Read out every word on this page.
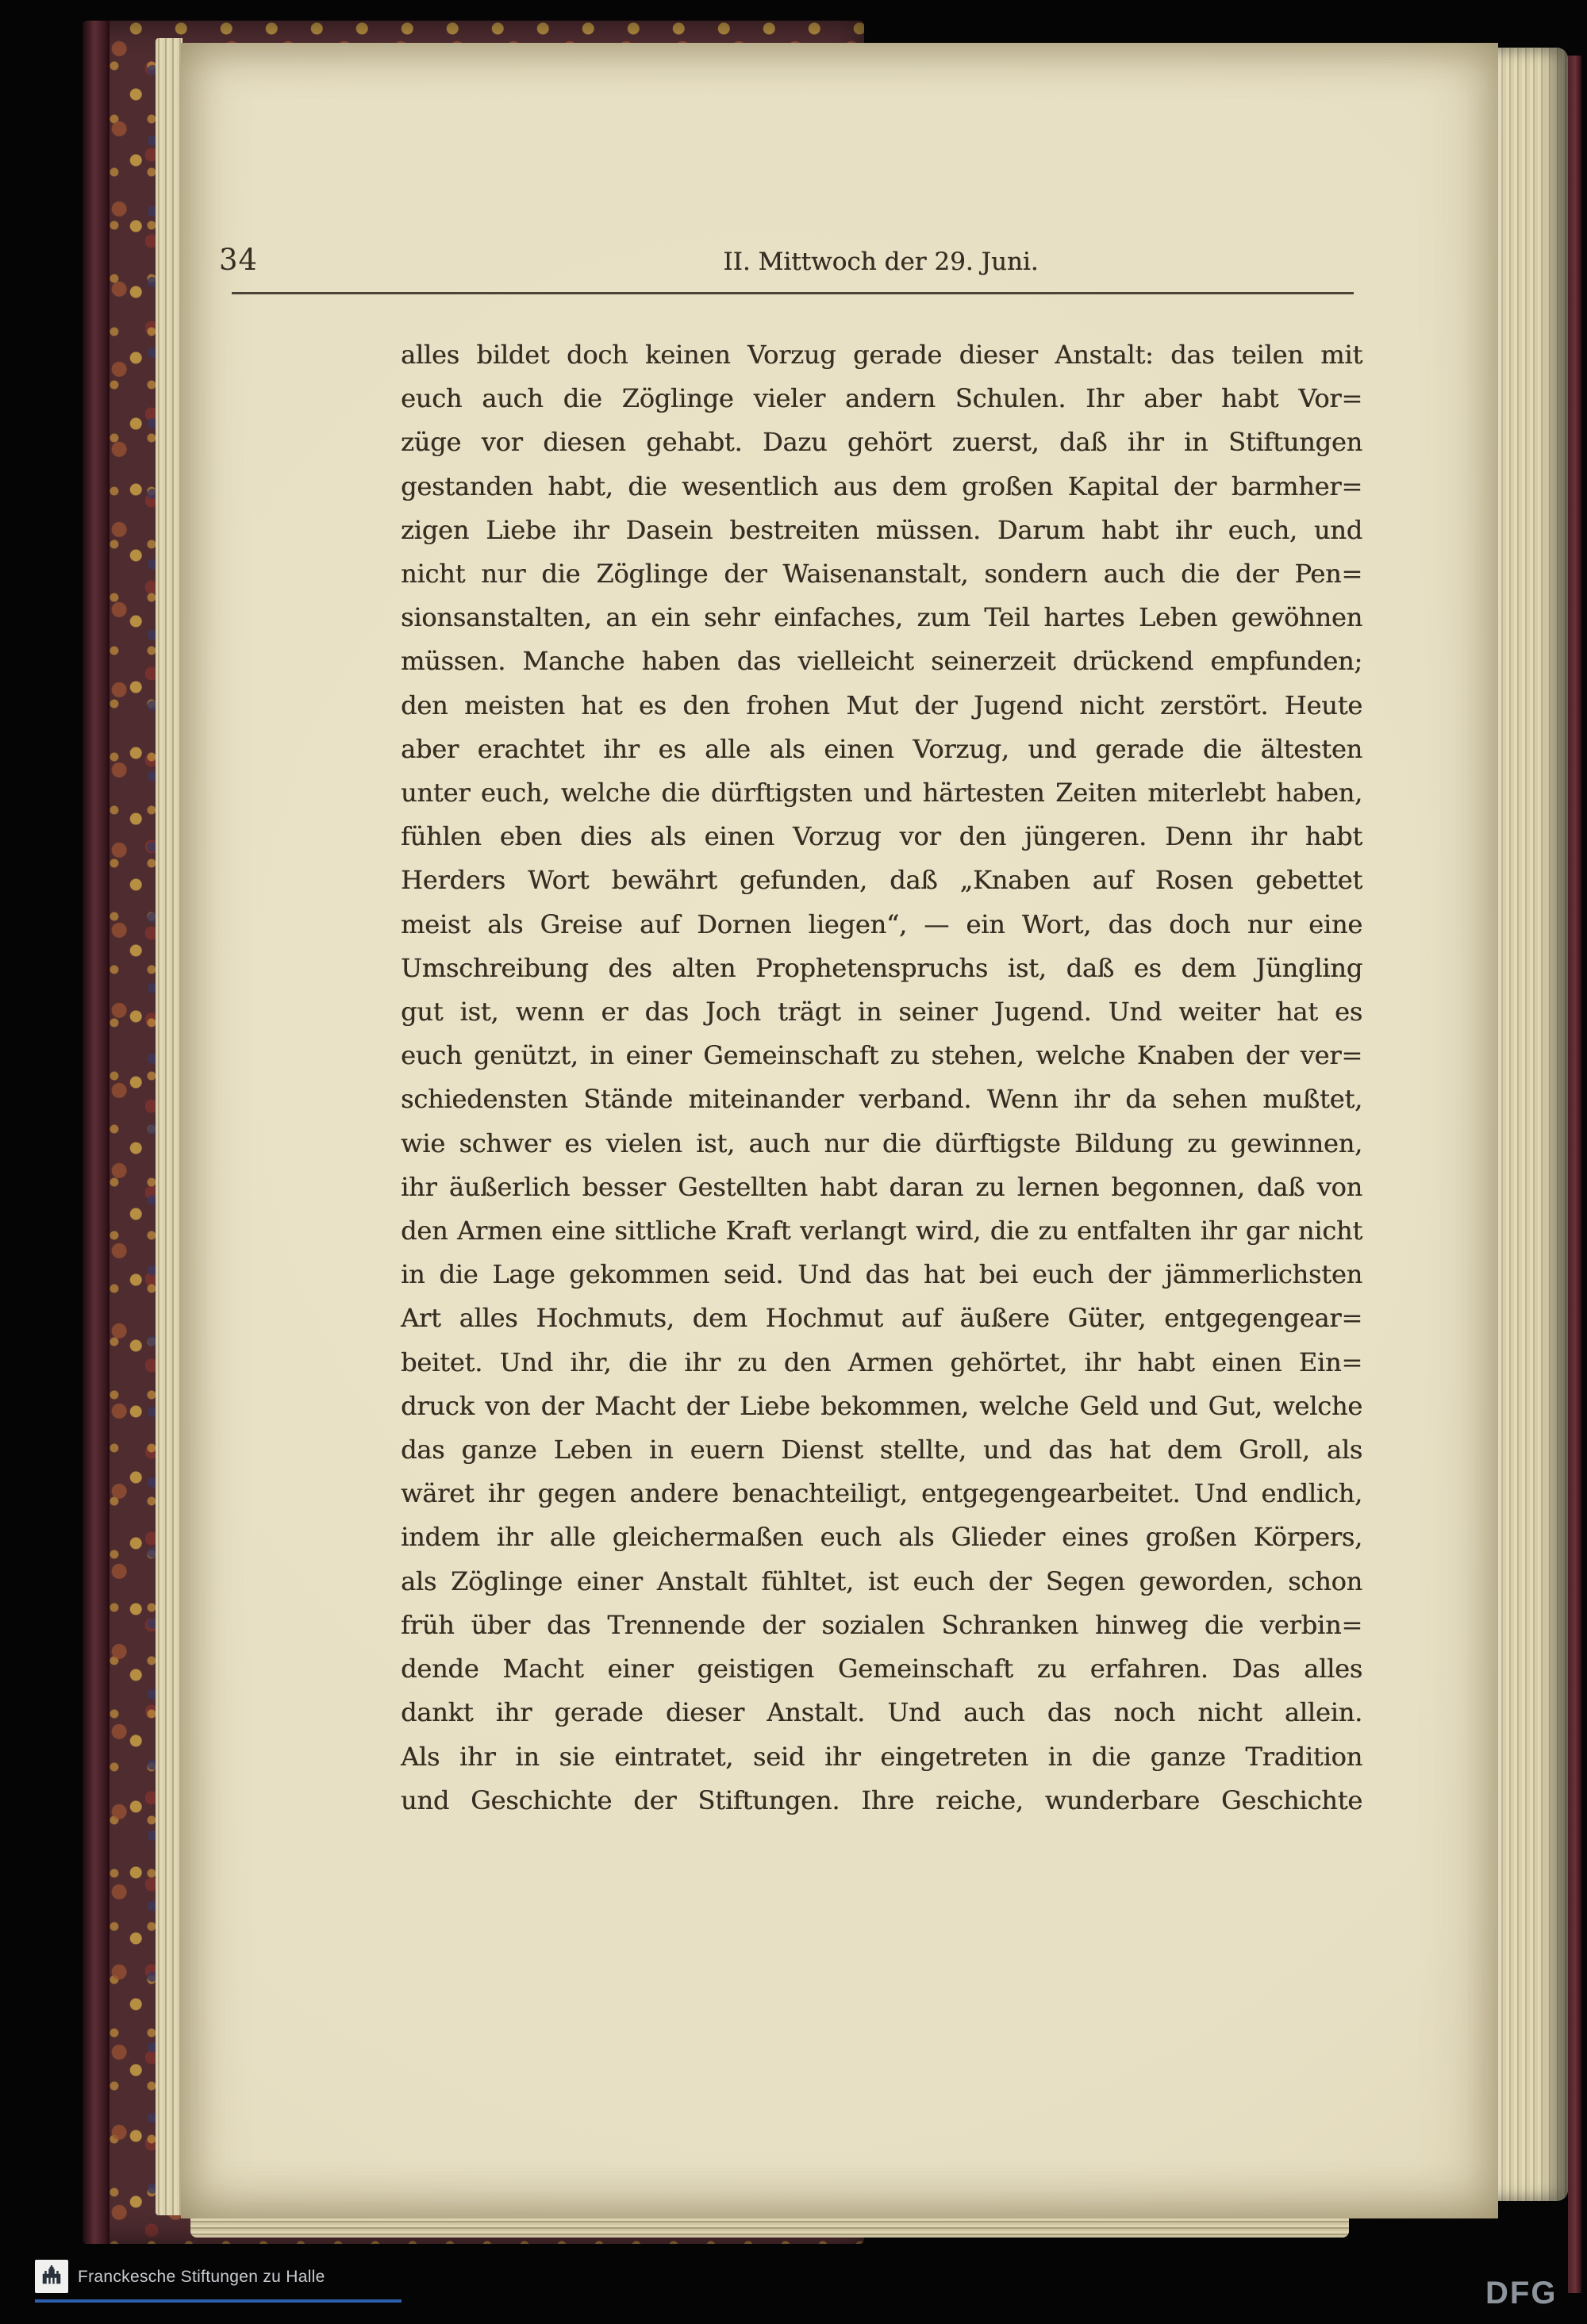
34	II. Mittwoch der 29. Juni.
alles bildet doch keinen Vorzug gerade dieser Anstalt: das teilen mit
euch auch die Zöglinge vieler andern Schulen. Ihr aber habt Vor=
züge vor diesen gehabt. Dazu gehört zuerst, daß ihr in Stiftungen
gestanden habt, die wesentlich aus dem großen Kapital der barmher=
zigen Liebe ihr Dasein bestreiten müssen. Darum habt ihr euch, und
nicht nur die Zöglinge der Waisenanstalt, sondern auch die der Pen=
sionsanstalten, an ein sehr einfaches, zum Teil hartes Leben gewöhnen
müssen. Manche haben das vielleicht seinerzeit drückend empfunden;
den meisten hat es den frohen Mut der Jugend nicht zerstört. Heute
aber erachtet ihr es alle als einen Vorzug, und gerade die ältesten
unter euch, welche die dürftigsten und härtesten Zeiten miterlebt haben,
fühlen eben dies als einen Vorzug vor den jüngeren. Denn ihr habt
Herders Wort bewährt gefunden, daß „Knaben auf Rosen gebettet
meist als Greise auf Dornen liegen“, — ein Wort, das doch nur eine
Umschreibung des alten Prophetenspruchs ist, daß es dem Jüngling
gut ist, wenn er das Joch trägt in seiner Jugend. Und weiter hat es
euch genützt, in einer Gemeinschaft zu stehen, welche Knaben der ver=
schiedensten Stände miteinander verband. Wenn ihr da sehen mußtet,
wie schwer es vielen ist, auch nur die dürftigste Bildung zu gewinnen,
ihr äußerlich besser Gestellten habt daran zu lernen begonnen, daß von
den Armen eine sittliche Kraft verlangt wird, die zu entfalten ihr gar nicht
in die Lage gekommen seid. Und das hat bei euch der jämmerlichsten
Art alles Hochmuts, dem Hochmut auf äußere Güter, entgegengear=
beitet. Und ihr, die ihr zu den Armen gehörtet, ihr habt einen Ein=
druck von der Macht der Liebe bekommen, welche Geld und Gut, welche
das ganze Leben in euern Dienst stellte, und das hat dem Groll, als
wäret ihr gegen andere benachteiligt, entgegengearbeitet. Und endlich,
indem ihr alle gleichermaßen euch als Glieder eines großen Körpers,
als Zöglinge einer Anstalt fühltet, ist euch der Segen geworden, schon
früh über das Trennende der sozialen Schranken hinweg die verbin=
dende Macht einer geistigen Gemeinschaft zu erfahren. Das alles
dankt ihr gerade dieser Anstalt. Und auch das noch nicht allein.
Als ihr in sie eintratet, seid ihr eingetreten in die ganze Tradition
und Geschichte der Stiftungen. Ihre reiche, wunderbare Geschichte
Franckesche Stiftungen zu Halle	DFG
